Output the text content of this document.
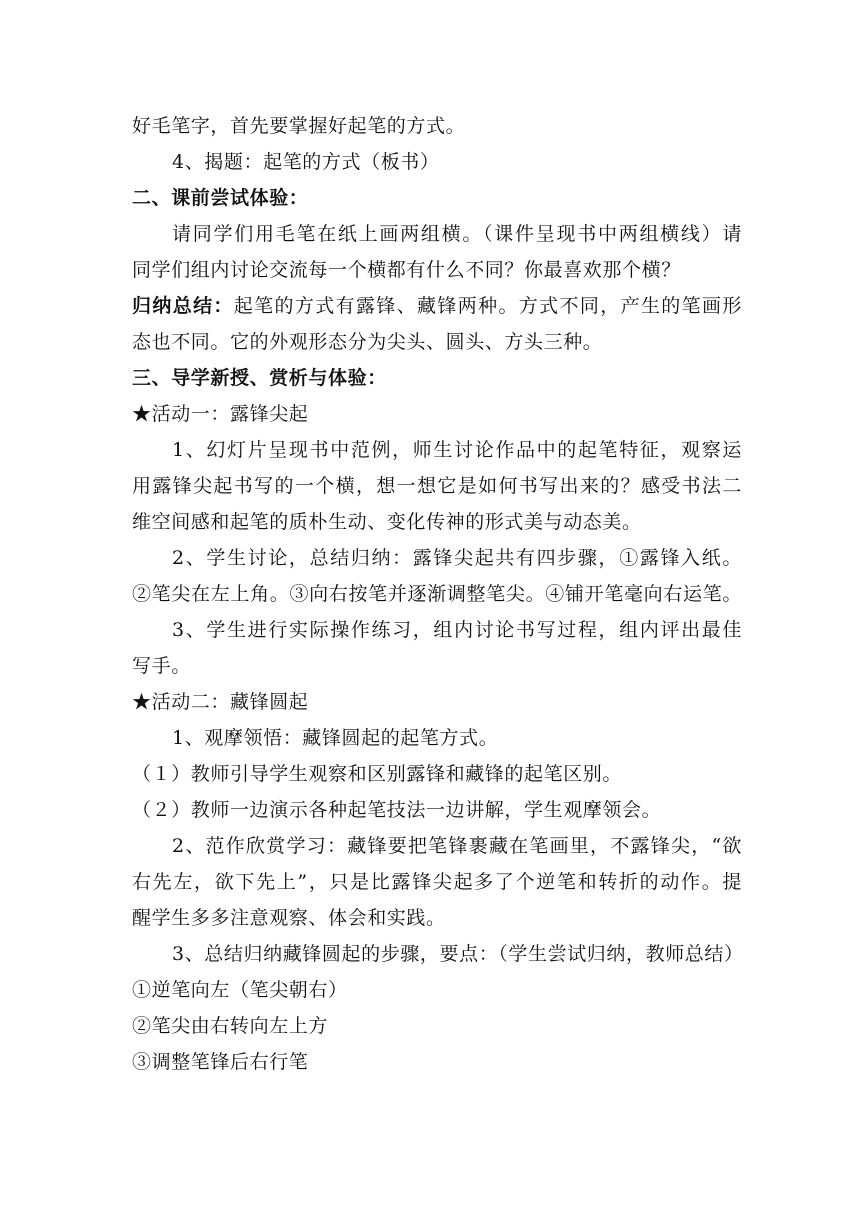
好毛笔字，首先要掌握好起笔的方式。
4、揭题：起笔的方式（板书）
二、课前尝试体验：
请同学们用毛笔在纸上画两组横。（课件呈现书中两组横线）请
同学们组内讨论交流每一个横都有什么不同？你最喜欢那个横？
归纳总结：起笔的方式有露锋、藏锋两种。方式不同，产生的笔画形
态也不同。它的外观形态分为尖头、圆头、方头三种。
三、导学新授、赏析与体验：
★活动一：露锋尖起
1、幻灯片呈现书中范例，师生讨论作品中的起笔特征，观察运
用露锋尖起书写的一个横，想一想它是如何书写出来的？感受书法二
维空间感和起笔的质朴生动、变化传神的形式美与动态美。
2、学生讨论，总结归纳：露锋尖起共有四步骤，①露锋入纸。
②笔尖在左上角。③向右按笔并逐渐调整笔尖。④铺开笔毫向右运笔。
3、学生进行实际操作练习，组内讨论书写过程，组内评出最佳
写手。
★活动二：藏锋圆起
1、观摩领悟：藏锋圆起的起笔方式。
（１）教师引导学生观察和区别露锋和藏锋的起笔区别。
（２）教师一边演示各种起笔技法一边讲解，学生观摩领会。
2、范作欣赏学习：藏锋要把笔锋裹藏在笔画里，不露锋尖，“欲
右先左，欲下先上”，只是比露锋尖起多了个逆笔和转折的动作。提
醒学生多多注意观察、体会和实践。
3、总结归纳藏锋圆起的步骤，要点：（学生尝试归纳，教师总结）
①逆笔向左（笔尖朝右）
②笔尖由右转向左上方
③调整笔锋后右行笔
